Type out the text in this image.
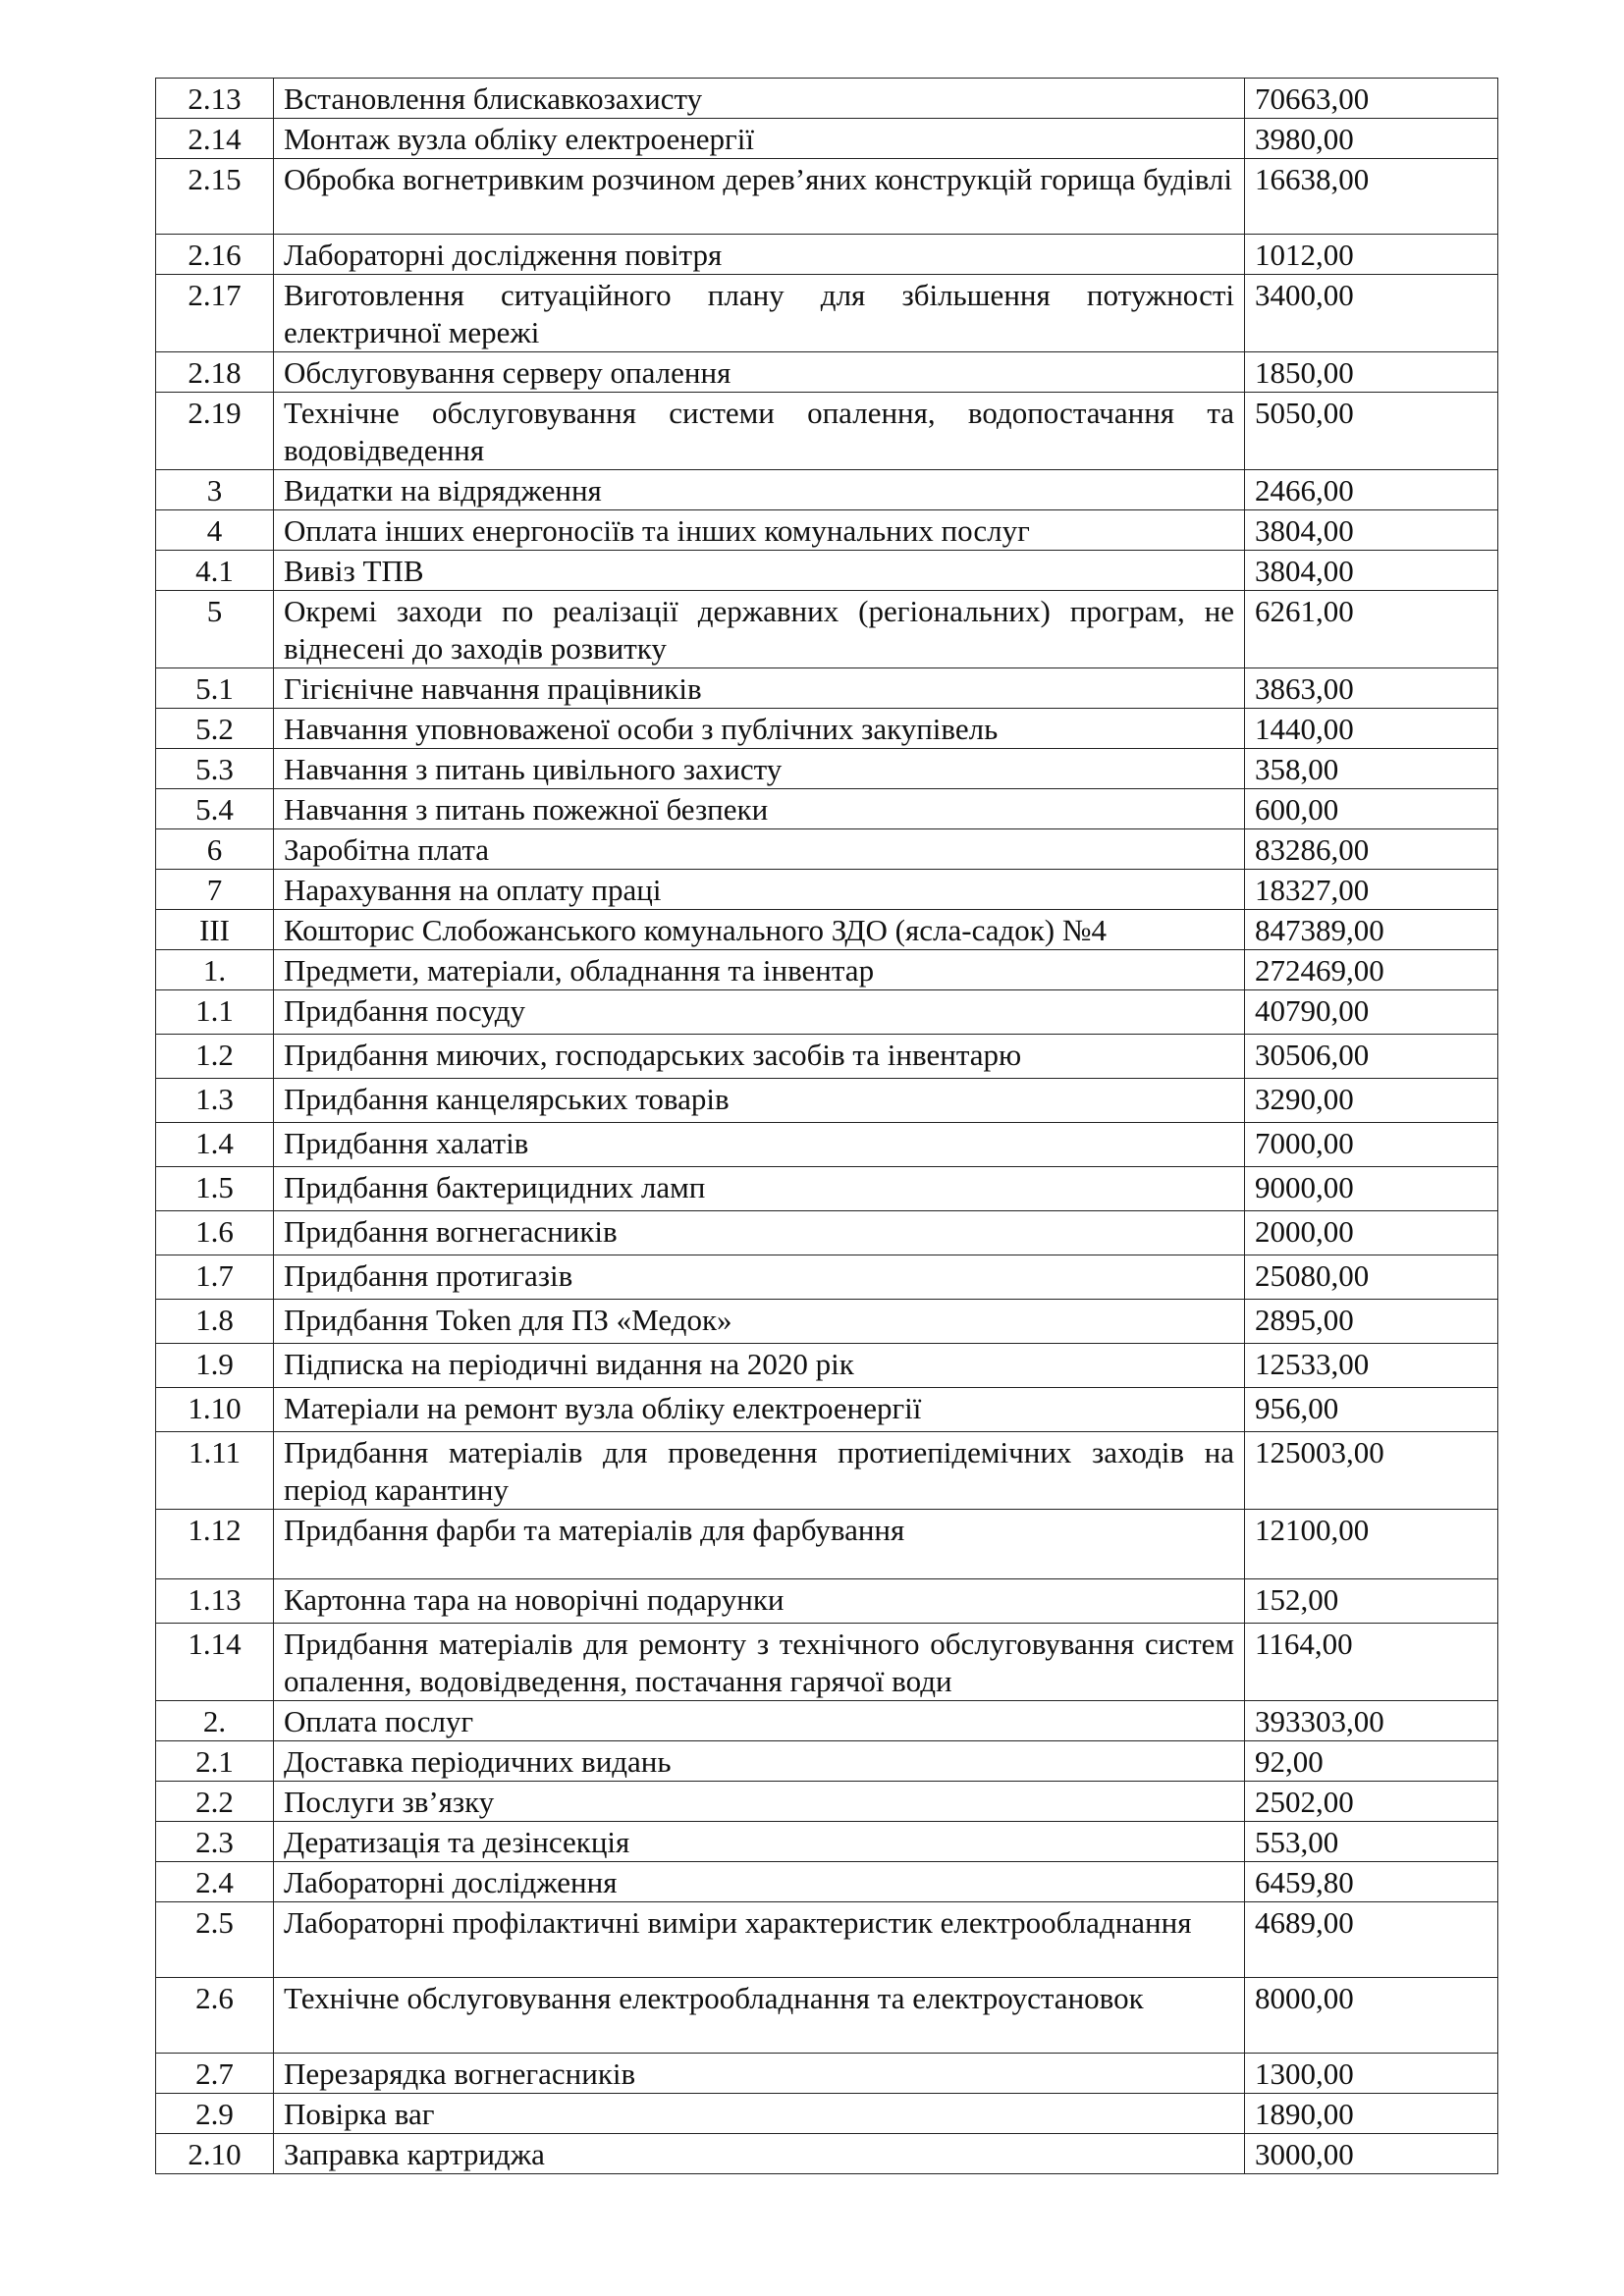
2.13	Встановлення блискавкозахисту	70663,00
2.14	Монтаж вузла обліку електроенергії	3980,00
2.15	Обробка вогнетривким розчином дерев’яних конструкцій горища будівлі	16638,00
2.16	Лабораторні дослідження повітря	1012,00
2.17	Виготовлення ситуаційного плану для збільшення потужності електричної мережі	3400,00
2.18	Обслуговування серверу опалення	1850,00
2.19	Технічне обслуговування системи опалення, водопостачання та водовідведення	5050,00
3	Видатки на відрядження	2466,00
4	Оплата інших енергоносіїв та інших комунальних послуг	3804,00
4.1	Вивіз ТПВ	3804,00
5	Окремі заходи по реалізації державних (регіональних) програм, не віднесені до заходів розвитку	6261,00
5.1	Гігієнічне навчання працівників	3863,00
5.2	Навчання уповноваженої особи з публічних закупівель	1440,00
5.3	Навчання з питань цивільного захисту	358,00
5.4	Навчання з питань пожежної безпеки	600,00
6	Заробітна плата	83286,00
7	Нарахування на оплату праці	18327,00
ІІІ	Кошторис Слобожанського комунального ЗДО (ясла-садок) №4	847389,00
1.	Предмети, матеріали, обладнання та інвентар	272469,00
1.1	Придбання посуду	40790,00
1.2	Придбання миючих, господарських засобів та інвентарю	30506,00
1.3	Придбання канцелярських товарів	3290,00
1.4	Придбання халатів	7000,00
1.5	Придбання бактерицидних ламп	9000,00
1.6	Придбання вогнегасників	2000,00
1.7	Придбання протигазів	25080,00
1.8	Придбання Token для ПЗ «Медок»	2895,00
1.9	Підписка на періодичні видання на 2020 рік	12533,00
1.10	Матеріали на ремонт вузла обліку електроенергії	956,00
1.11	Придбання матеріалів для проведення протиепідемічних заходів на період карантину	125003,00
1.12	Придбання фарби та матеріалів для фарбування	12100,00
1.13	Картонна тара на новорічні подарунки	152,00
1.14	Придбання матеріалів для ремонту з технічного обслуговування систем опалення, водовідведення, постачання гарячої води	1164,00
2.	Оплата послуг	393303,00
2.1	Доставка періодичних видань	92,00
2.2	Послуги зв’язку	2502,00
2.3	Дератизація та дезінсекція	553,00
2.4	Лабораторні дослідження	6459,80
2.5	Лабораторні профілактичні виміри характеристик електрообладнання	4689,00
2.6	Технічне обслуговування електрообладнання та електроустановок	8000,00
2.7	Перезарядка вогнегасників	1300,00
2.9	Повірка ваг	1890,00
2.10	Заправка картриджа	3000,00
